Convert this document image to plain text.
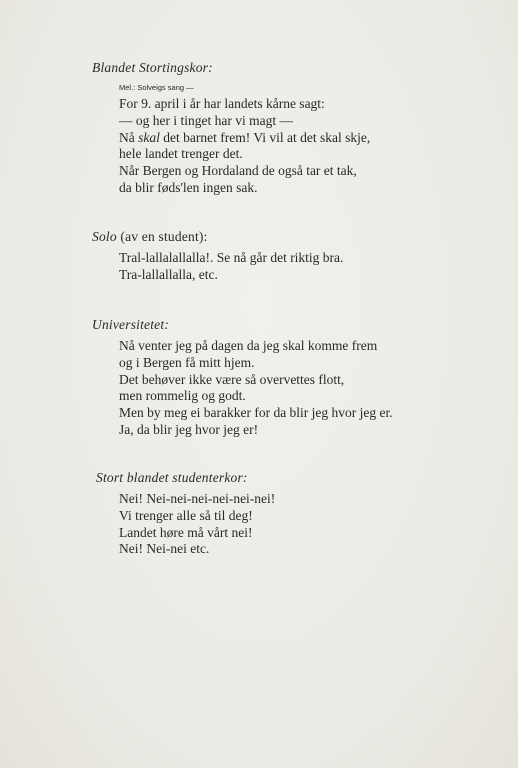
Blandet Stortingskor:
Mel.: Solveigs sang —
For 9. april i år har landets kårne sagt:
— og her i tinget har vi magt —
Nå skal det barnet frem! Vi vil at det skal skje,
hele landet trenger det.
Når Bergen og Hordaland de også tar et tak,
da blir føds'len ingen sak.
Solo (av en student):
Tral-lallalallalla!. Se nå går det riktig bra.
Tra-lallallalla, etc.
Universitetet:
Nå venter jeg på dagen da jeg skal komme frem
og i Bergen få mitt hjem.
Det behøver ikke være så overvettes flott,
men rommelig og godt.
Men by meg ei barakker for da blir jeg hvor jeg er.
Ja, da blir jeg hvor jeg er!
Stort blandet studenterkor:
Nei! Nei-nei-nei-nei-nei-nei!
Vi trenger alle så til deg!
Landet høre må vårt nei!
Nei! Nei-nei etc.
